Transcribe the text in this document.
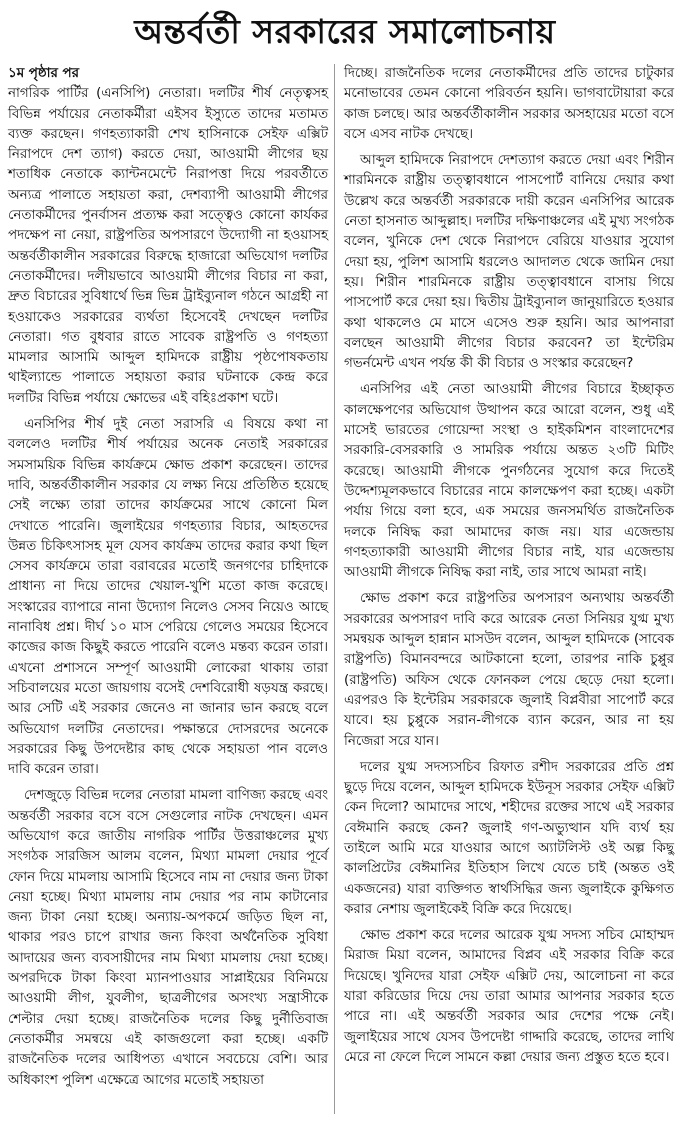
অন্তর্বর্তী সরকারের সমালোচনায়

১ম পৃষ্ঠার পর
নাগরিক পার্টির (এনসিপি) নেতারা। দলটির শীর্ষ নেতৃত্বসহ বিভিন্ন পর্যায়ের নেতাকর্মীরা এইসব ইস্যুতে তাদের মতামত ব্যক্ত করছেন। গণহত্যাকারী শেখ হাসিনাকে সেইফ এক্সিট নিরাপদে দেশ ত্যাগ) করতে দেয়া, আওয়ামী লীগের ছয় শতাধিক নেতাকে ক্যান্টনমেন্টে নিরাপত্তা দিয়ে পরবর্তীতে অন্যত্র পালাতে সহায়তা করা, দেশব্যাপী আওয়ামী লীগের নেতাকর্মীদের পুনর্বাসন প্রত্যক্ষ করা সত্ত্বেও কোনো কার্যকর পদক্ষেপ না নেয়া, রাষ্ট্রপতির অপসারণে উদ্যোগী না হওয়াসহ অন্তর্বর্তীকালীন সরকারের বিরুদ্ধে হাজারো অভিযোগ দলটির নেতাকর্মীদের। দলীয়ভাবে আওয়ামী লীগের বিচার না করা, দ্রুত বিচারের সুবিধার্থে ভিন্ন ভিন্ন ট্রাইব্যুনাল গঠনে আগ্রহী না হওয়াকেও সরকারের ব্যর্থতা হিসেবেই দেখছেন দলটির নেতারা। গত বুধবার রাতে সাবেক রাষ্ট্রপতি ও গণহত্যা মামলার আসামি আব্দুল হামিদকে রাষ্ট্রীয় পৃষ্ঠপোষকতায় থাইল্যান্ডে পালাতে সহায়তা করার ঘটনাকে কেন্দ্র করে দলটির বিভিন্ন পর্যায়ে ক্ষোভের এই বহিঃপ্রকাশ ঘটে।

এনসিপির শীর্ষ দুই নেতা সরাসরি এ বিষয়ে কথা না বললেও দলটির শীর্ষ পর্যায়ের অনেক নেতাই সরকারের সমসাময়িক বিভিন্ন কার্যক্রমে ক্ষোভ প্রকাশ করেছেন। তাদের দাবি, অন্তর্বর্তীকালীন সরকার যে লক্ষ্য নিয়ে প্রতিষ্ঠিত হয়েছে সেই লক্ষ্যে তারা তাদের কার্যক্রমের সাথে কোনো মিল দেখাতে পারেনি। জুলাইয়ের গণহত্যার বিচার, আহতদের উন্নত চিকিৎসাসহ মূল যেসব কার্যক্রম তাদের করার কথা ছিল সেসব কার্যক্রমে তারা বরাবরের মতোই জনগণের চাহিদাকে প্রাধান্য না দিয়ে তাদের খেয়াল-খুশি মতো কাজ করেছে। সংস্কারের ব্যাপারে নানা উদ্যোগ নিলেও সেসব নিয়েও আছে নানাবিধ প্রশ্ন। দীর্ঘ ১০ মাস পেরিয়ে গেলেও সময়ের হিসেবে কাজের কাজ কিছুই করতে পারেনি বলেও মন্তব্য করেন তারা। এখনো প্রশাসনে সম্পূর্ণ আওয়ামী লোকেরা থাকায় তারা সচিবালয়ের মতো জায়গায় বসেই দেশবিরোধী ষড়যন্ত্র করছে। আর সেটি এই সরকার জেনেও না জানার ভান করছে বলে অভিযোগ দলটির নেতাদের। পক্ষান্তরে দোসরদের অনেকে সরকারের কিছু উপদেষ্টার কাছ থেকে সহায়তা পান বলেও দাবি করেন তারা।

দেশজুড়ে বিভিন্ন দলের নেতারা মামলা বাণিজ্য করছে এবং অন্তর্বর্তী সরকার বসে বসে সেগুলোর নাটক দেখছেন। এমন অভিযোগ করে জাতীয় নাগরিক পার্টির উত্তরাঞ্চলের মুখ্য সংগঠক সারজিস আলম বলেন, মিথ্যা মামলা দেয়ার পূর্বে ফোন দিয়ে মামলায় আসামি হিসেবে নাম না দেয়ার জন্য টাকা নেয়া হচ্ছে। মিথ্যা মামলায় নাম দেয়ার পর নাম কাটানোর জন্য টাকা নেয়া হচ্ছে। অন্যায়-অপকর্মে জড়িত ছিল না, থাকার পরও চাপে রাখার জন্য কিংবা অর্থনৈতিক সুবিধা আদায়ের জন্য ব্যবসায়ীদের নাম মিথ্যা মামলায় দেয়া হচ্ছে। অপরদিকে টাকা কিংবা ম্যানপাওয়ার সাপ্লাইয়ের বিনিময়ে আওয়ামী লীগ, যুবলীগ, ছাত্রলীগের অসংখ্য সন্ত্রাসীকে শেল্টার দেয়া হচ্ছে। রাজনৈতিক দলের কিছু দুর্নীতিবাজ নেতাকর্মীর সমন্বয়ে এই কাজগুলো করা হচ্ছে। একটি রাজনৈতিক দলের আধিপত্য এখানে সবচেয়ে বেশি। আর অধিকাংশ পুলিশ এক্ষেত্রে আগের মতোই সহায়তা

দিচ্ছে। রাজনৈতিক দলের নেতাকর্মীদের প্রতি তাদের চাটুকার মনোভাবের তেমন কোনো পরিবর্তন হয়নি। ভাগবাটোয়ারা করে কাজ চলছে। আর অন্তর্বর্তীকালীন সরকার অসহায়ের মতো বসে বসে এসব নাটক দেখছে।

আব্দুল হামিদকে নিরাপদে দেশত্যাগ করতে দেয়া এবং শিরীন শারমিনকে রাষ্ট্রীয় তত্ত্বাবধানে পাসপোর্ট বানিয়ে দেয়ার কথা উল্লেখ করে অন্তর্বর্তী সরকারকে দায়ী করেন এনসিপির আরেক নেতা হাসনাত আব্দুল্লাহ। দলটির দক্ষিণাঞ্চলের এই মুখ্য সংগঠক বলেন, খুনিকে দেশ থেকে নিরাপদে বেরিয়ে যাওয়ার সুযোগ দেয়া হয়, পুলিশ আসামি ধরলেও আদালত থেকে জামিন দেয়া হয়। শিরীন শারমিনকে রাষ্ট্রীয় তত্ত্বাবধানে বাসায় গিয়ে পাসপোর্ট করে দেয়া হয়। দ্বিতীয় ট্রাইব্যুনাল জানুয়ারিতে হওয়ার কথা থাকলেও মে মাসে এসেও শুরু হয়নি। আর আপনারা বলছেন আওয়ামী লীগের বিচার করবেন? তা ইন্টেরিম গভর্নমেন্ট এখন পর্যন্ত কী কী বিচার ও সংস্কার করেছেন?

এনসিপির এই নেতা আওয়ামী লীগের বিচারে ইচ্ছাকৃত কালক্ষেপণের অভিযোগ উত্থাপন করে আরো বলেন, শুধু এই মাসেই ভারতের গোয়েন্দা সংস্থা ও হাইকমিশন বাংলাদেশের সরকারি-বেসরকারি ও সামরিক পর্যায়ে অন্তত ২৩টি মিটিং করেছে। আওয়ামী লীগকে পুনর্গঠনের সুযোগ করে দিতেই উদ্দেশ্যমূলকভাবে বিচারের নামে কালক্ষেপণ করা হচ্ছে। একটা পর্যায় গিয়ে বলা হবে, এক সময়ের জনসমর্থিত রাজনৈতিক দলকে নিষিদ্ধ করা আমাদের কাজ নয়। যার এজেন্ডায় গণহত্যাকারী আওয়ামী লীগের বিচার নাই, যার এজেন্ডায় আওয়ামী লীগকে নিষিদ্ধ করা নাই, তার সাথে আমরা নাই।

ক্ষোভ প্রকাশ করে রাষ্ট্রপতির অপসারণ অন্যথায় অন্তর্বর্তী সরকারের অপসারণ দাবি করে আরেক নেতা সিনিয়র যুগ্ম মুখ্য সমন্বয়ক আব্দুল হান্নান মাসউদ বলেন, আব্দুল হামিদকে (সাবেক রাষ্ট্রপতি) বিমানবন্দরে আটকানো হলো, তারপর নাকি চুপ্পুর (রাষ্ট্রপতি) অফিস থেকে ফোনকল পেয়ে ছেড়ে দেয়া হলো। এরপরও কি ইন্টেরিম সরকারকে জুলাই বিপ্লবীরা সাপোর্ট করে যাবে। হয় চুপ্পুকে সরান-লীগকে ব্যান করেন, আর না হয় নিজেরা সরে যান।

দলের যুগ্ম সদস্যসচিব রিফাত রশীদ সরকারের প্রতি প্রশ্ন ছুড়ে দিয়ে বলেন, আব্দুল হামিদকে ইউনূস সরকার সেইফ এক্সিট কেন দিলো? আমাদের সাথে, শহীদের রক্তের সাথে এই সরকার বেঈমানি করছে কেন? জুলাই গণ-অভ্যুত্থান যদি ব্যর্থ হয় তাইলে আমি মরে যাওয়ার আগে অ্যাটলিস্ট ওই অল্প কিছু কালপ্রিটের বেঈমানির ইতিহাস লিখে যেতে চাই (অন্তত ওই একজনের) যারা ব্যক্তিগত স্বার্থসিদ্ধির জন্য জুলাইকে কুক্ষিগত করার নেশায় জুলাইকেই বিক্রি করে দিয়েছে।

ক্ষোভ প্রকাশ করে দলের আরেক যুগ্ম সদস্য সচিব মোহাম্মদ মিরাজ মিয়া বলেন, আমাদের বিপ্লব এই সরকার বিক্রি করে দিয়েছে। খুনিদের যারা সেইফ এক্সিট দেয়, আলোচনা না করে যারা করিডোর দিয়ে দেয় তারা আমার আপনার সরকার হতে পারে না। এই অন্তর্বর্তী সরকার আর দেশের পক্ষে নেই। জুলাইয়ের সাথে যেসব উপদেষ্টা গাদ্দারি করেছে, তাদের লাথি মেরে না ফেলে দিলে সামনে কল্লা দেয়ার জন্য প্রস্তুত হতে হবে।
